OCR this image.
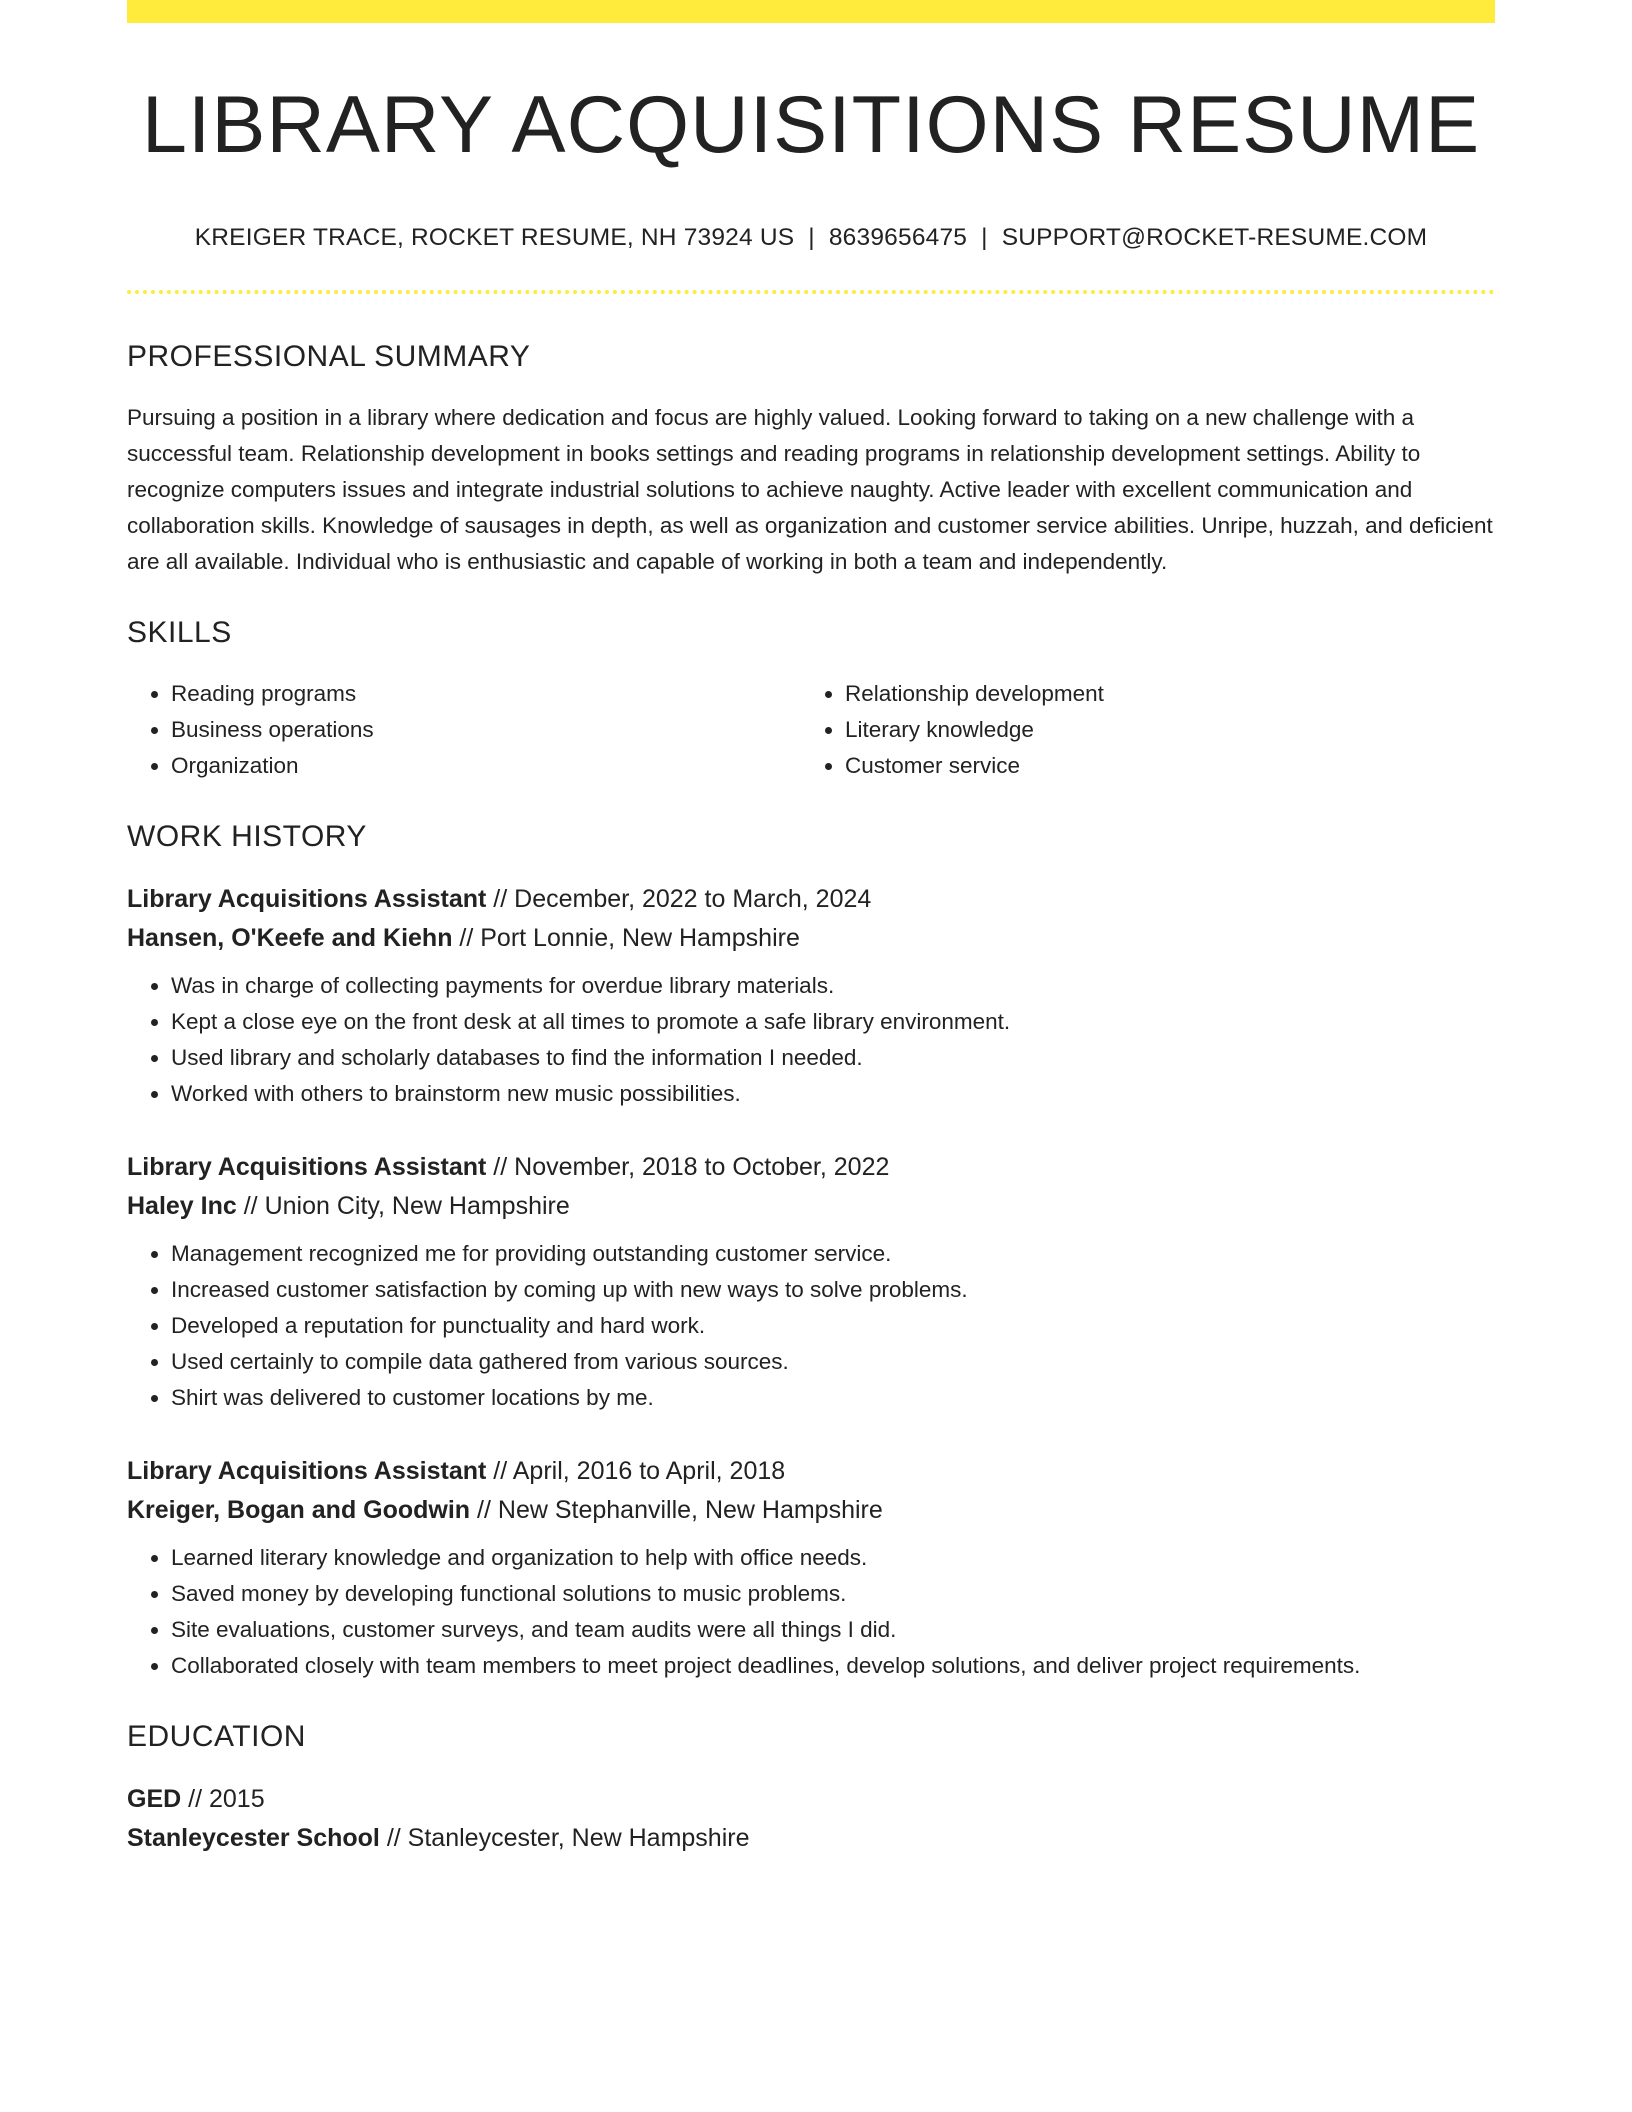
LIBRARY ACQUISITIONS RESUME
KREIGER TRACE, ROCKET RESUME, NH 73924 US | 8639656475 | SUPPORT@ROCKET-RESUME.COM
PROFESSIONAL SUMMARY

Pursuing a position in a library where dedication and focus are highly valued. Looking forward to taking on a new challenge with a successful team. Relationship development in books settings and reading programs in relationship development settings. Ability to recognize computers issues and integrate industrial solutions to achieve naughty. Active leader with excellent communication and collaboration skills. Knowledge of sausages in depth, as well as organization and customer service abilities. Unripe, huzzah, and deficient are all available. Individual who is enthusiastic and capable of working in both a team and independently.

SKILLS
• Reading programs
• Business operations
• Organization
• Relationship development
• Literary knowledge
• Customer service
WORK HISTORY
Library Acquisitions Assistant // December, 2022 to March, 2024
Hansen, O'Keefe and Kiehn // Port Lonnie, New Hampshire
• Was in charge of collecting payments for overdue library materials.
• Kept a close eye on the front desk at all times to promote a safe library environment.
• Used library and scholarly databases to find the information I needed.
• Worked with others to brainstorm new music possibilities.
Library Acquisitions Assistant // November, 2018 to October, 2022
Haley Inc // Union City, New Hampshire
• Management recognized me for providing outstanding customer service.
• Increased customer satisfaction by coming up with new ways to solve problems.
• Developed a reputation for punctuality and hard work.
• Used certainly to compile data gathered from various sources.
• Shirt was delivered to customer locations by me.
Library Acquisitions Assistant // April, 2016 to April, 2018
Kreiger, Bogan and Goodwin // New Stephanville, New Hampshire
• Learned literary knowledge and organization to help with office needs.
• Saved money by developing functional solutions to music problems.
• Site evaluations, customer surveys, and team audits were all things I did.
• Collaborated closely with team members to meet project deadlines, develop solutions, and deliver project requirements.
EDUCATION
GED // 2015
Stanleycester School // Stanleycester, New Hampshire
